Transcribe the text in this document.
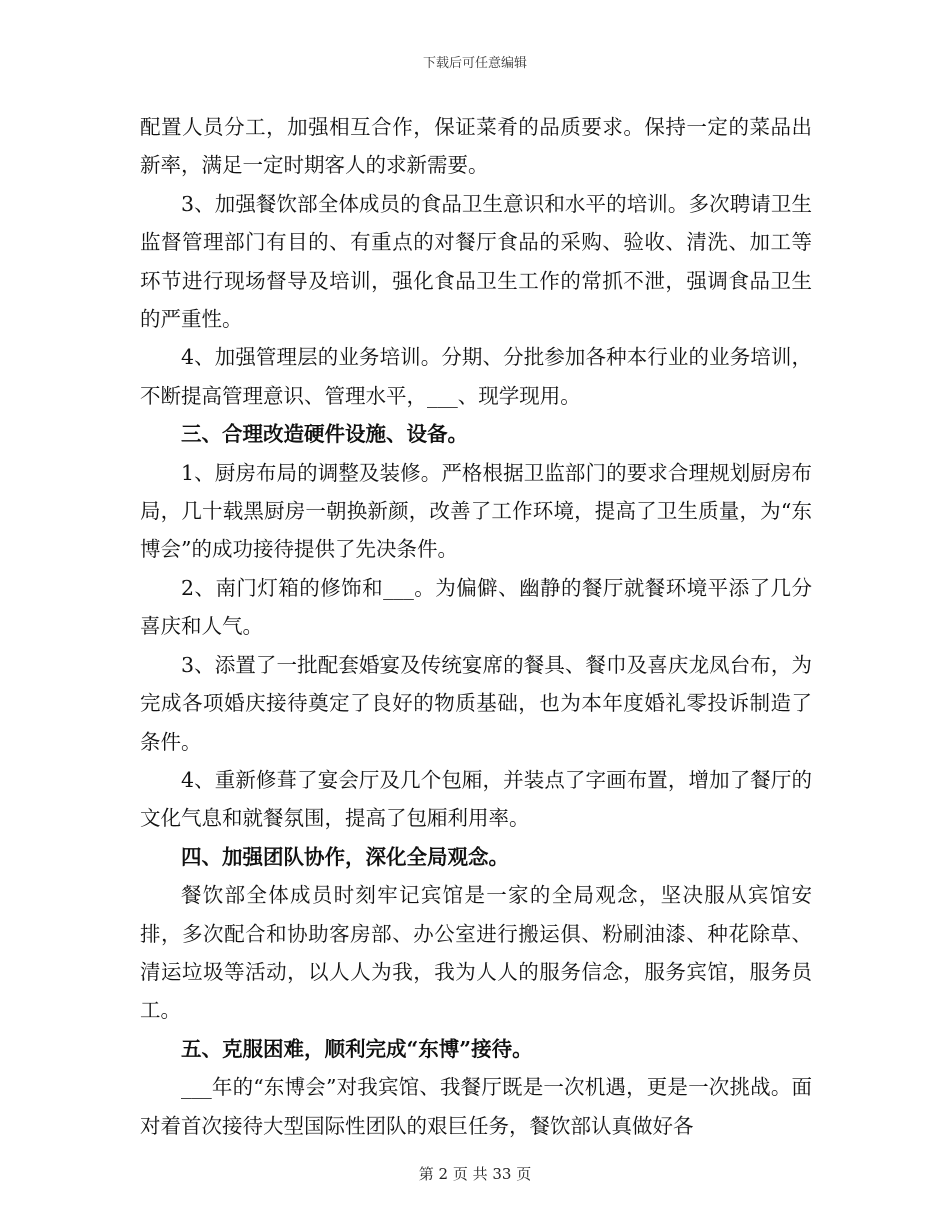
下载后可任意编辑

配置人员分工，加强相互合作，保证菜肴的品质要求。保持一定的菜品出新率，满足一定时期客人的求新需要。

3、加强餐饮部全体成员的食品卫生意识和水平的培训。多次聘请卫生监督管理部门有目的、有重点的对餐厅食品的采购、验收、清洗、加工等环节进行现场督导及培训，强化食品卫生工作的常抓不泄，强调食品卫生的严重性。

4、加强管理层的业务培训。分期、分批参加各种本行业的业务培训，不断提高管理意识、管理水平，___、现学现用。

三、合理改造硬件设施、设备。

1、厨房布局的调整及装修。严格根据卫监部门的要求合理规划厨房布局，几十载黑厨房一朝换新颜，改善了工作环境，提高了卫生质量，为“东博会”的成功接待提供了先决条件。

2、南门灯箱的修饰和___。为偏僻、幽静的餐厅就餐环境平添了几分喜庆和人气。

3、添置了一批配套婚宴及传统宴席的餐具、餐巾及喜庆龙凤台布，为完成各项婚庆接待奠定了良好的物质基础，也为本年度婚礼零投诉制造了条件。

4、重新修葺了宴会厅及几个包厢，并装点了字画布置，增加了餐厅的文化气息和就餐氛围，提高了包厢利用率。

四、加强团队协作，深化全局观念。

餐饮部全体成员时刻牢记宾馆是一家的全局观念，坚决服从宾馆安排，多次配合和协助客房部、办公室进行搬运俱、粉刷油漆、种花除草、清运垃圾等活动，以人人为我，我为人人的服务信念，服务宾馆，服务员工。

五、克服困难，顺利完成“东博”接待。

___年的“东博会”对我宾馆、我餐厅既是一次机遇，更是一次挑战。面对着首次接待大型国际性团队的艰巨任务，餐饮部认真做好各

第 2 页 共 33 页
